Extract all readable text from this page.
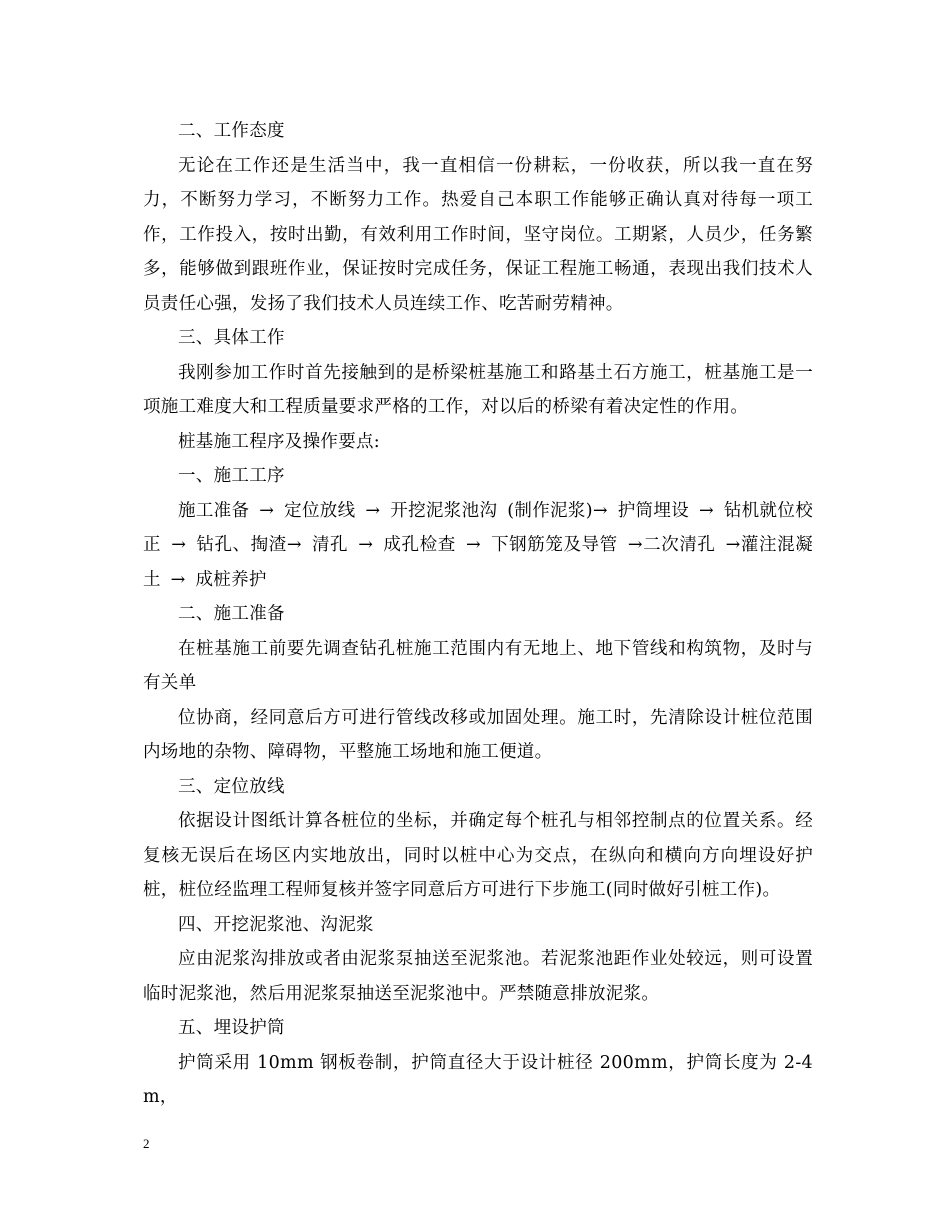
二、工作态度

无论在工作还是生活当中，我一直相信一份耕耘，一份收获，所以我一直在努力，不断努力学习，不断努力工作。热爱自己本职工作能够正确认真对待每一项工作，工作投入，按时出勤，有效利用工作时间，坚守岗位。工期紧，人员少，任务繁多，能够做到跟班作业，保证按时完成任务，保证工程施工畅通，表现出我们技术人员责任心强，发扬了我们技术人员连续工作、吃苦耐劳精神。

三、具体工作

我刚参加工作时首先接触到的是桥梁桩基施工和路基土石方施工，桩基施工是一项施工难度大和工程质量要求严格的工作，对以后的桥梁有着决定性的作用。

桩基施工程序及操作要点:

一、施工工序

施工准备 → 定位放线 → 开挖泥浆池沟 (制作泥浆)→ 护筒埋设 → 钻机就位校正 → 钻孔、掏渣→ 清孔 → 成孔检查 → 下钢筋笼及导管 →二次清孔 →灌注混凝土 → 成桩养护

二、施工准备

在桩基施工前要先调查钻孔桩施工范围内有无地上、地下管线和构筑物，及时与有关单

位协商，经同意后方可进行管线改移或加固处理。施工时，先清除设计桩位范围内场地的杂物、障碍物，平整施工场地和施工便道。

三、定位放线

依据设计图纸计算各桩位的坐标，并确定每个桩孔与相邻控制点的位置关系。经复核无误后在场区内实地放出，同时以桩中心为交点，在纵向和横向方向埋设好护桩，桩位经监理工程师复核并签字同意后方可进行下步施工(同时做好引桩工作)。

四、开挖泥浆池、沟泥浆

应由泥浆沟排放或者由泥浆泵抽送至泥浆池。若泥浆池距作业处较远，则可设置临时泥浆池，然后用泥浆泵抽送至泥浆池中。严禁随意排放泥浆。

五、埋设护筒

护筒采用 10mm 钢板卷制，护筒直径大于设计桩径 200mm，护筒长度为 2-4m，

2
